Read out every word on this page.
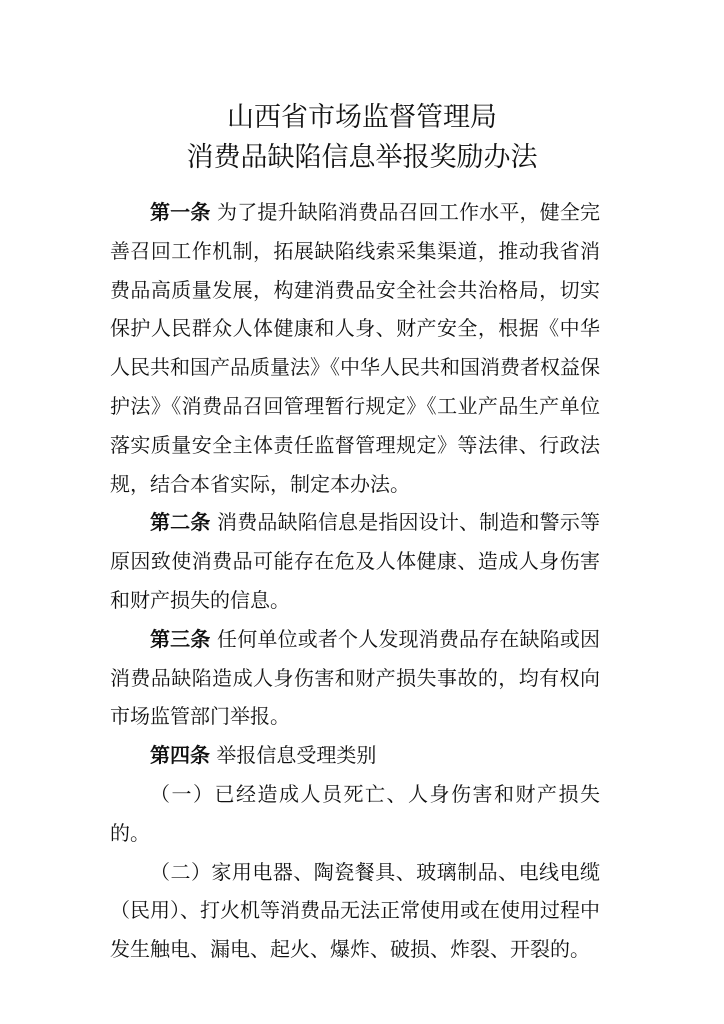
山西省市场监督管理局
消费品缺陷信息举报奖励办法

第一条 为了提升缺陷消费品召回工作水平，健全完善召回工作机制，拓展缺陷线索采集渠道，推动我省消费品高质量发展，构建消费品安全社会共治格局，切实保护人民群众人体健康和人身、财产安全，根据《中华人民共和国产品质量法》《中华人民共和国消费者权益保护法》《消费品召回管理暂行规定》《工业产品生产单位落实质量安全主体责任监督管理规定》等法律、行政法规，结合本省实际，制定本办法。

第二条 消费品缺陷信息是指因设计、制造和警示等原因致使消费品可能存在危及人体健康、造成人身伤害和财产损失的信息。

第三条 任何单位或者个人发现消费品存在缺陷或因消费品缺陷造成人身伤害和财产损失事故的，均有权向市场监管部门举报。

第四条 举报信息受理类别

（一）已经造成人员死亡、人身伤害和财产损失的。

（二）家用电器、陶瓷餐具、玻璃制品、电线电缆（民用）、打火机等消费品无法正常使用或在使用过程中发生触电、漏电、起火、爆炸、破损、炸裂、开裂的。
